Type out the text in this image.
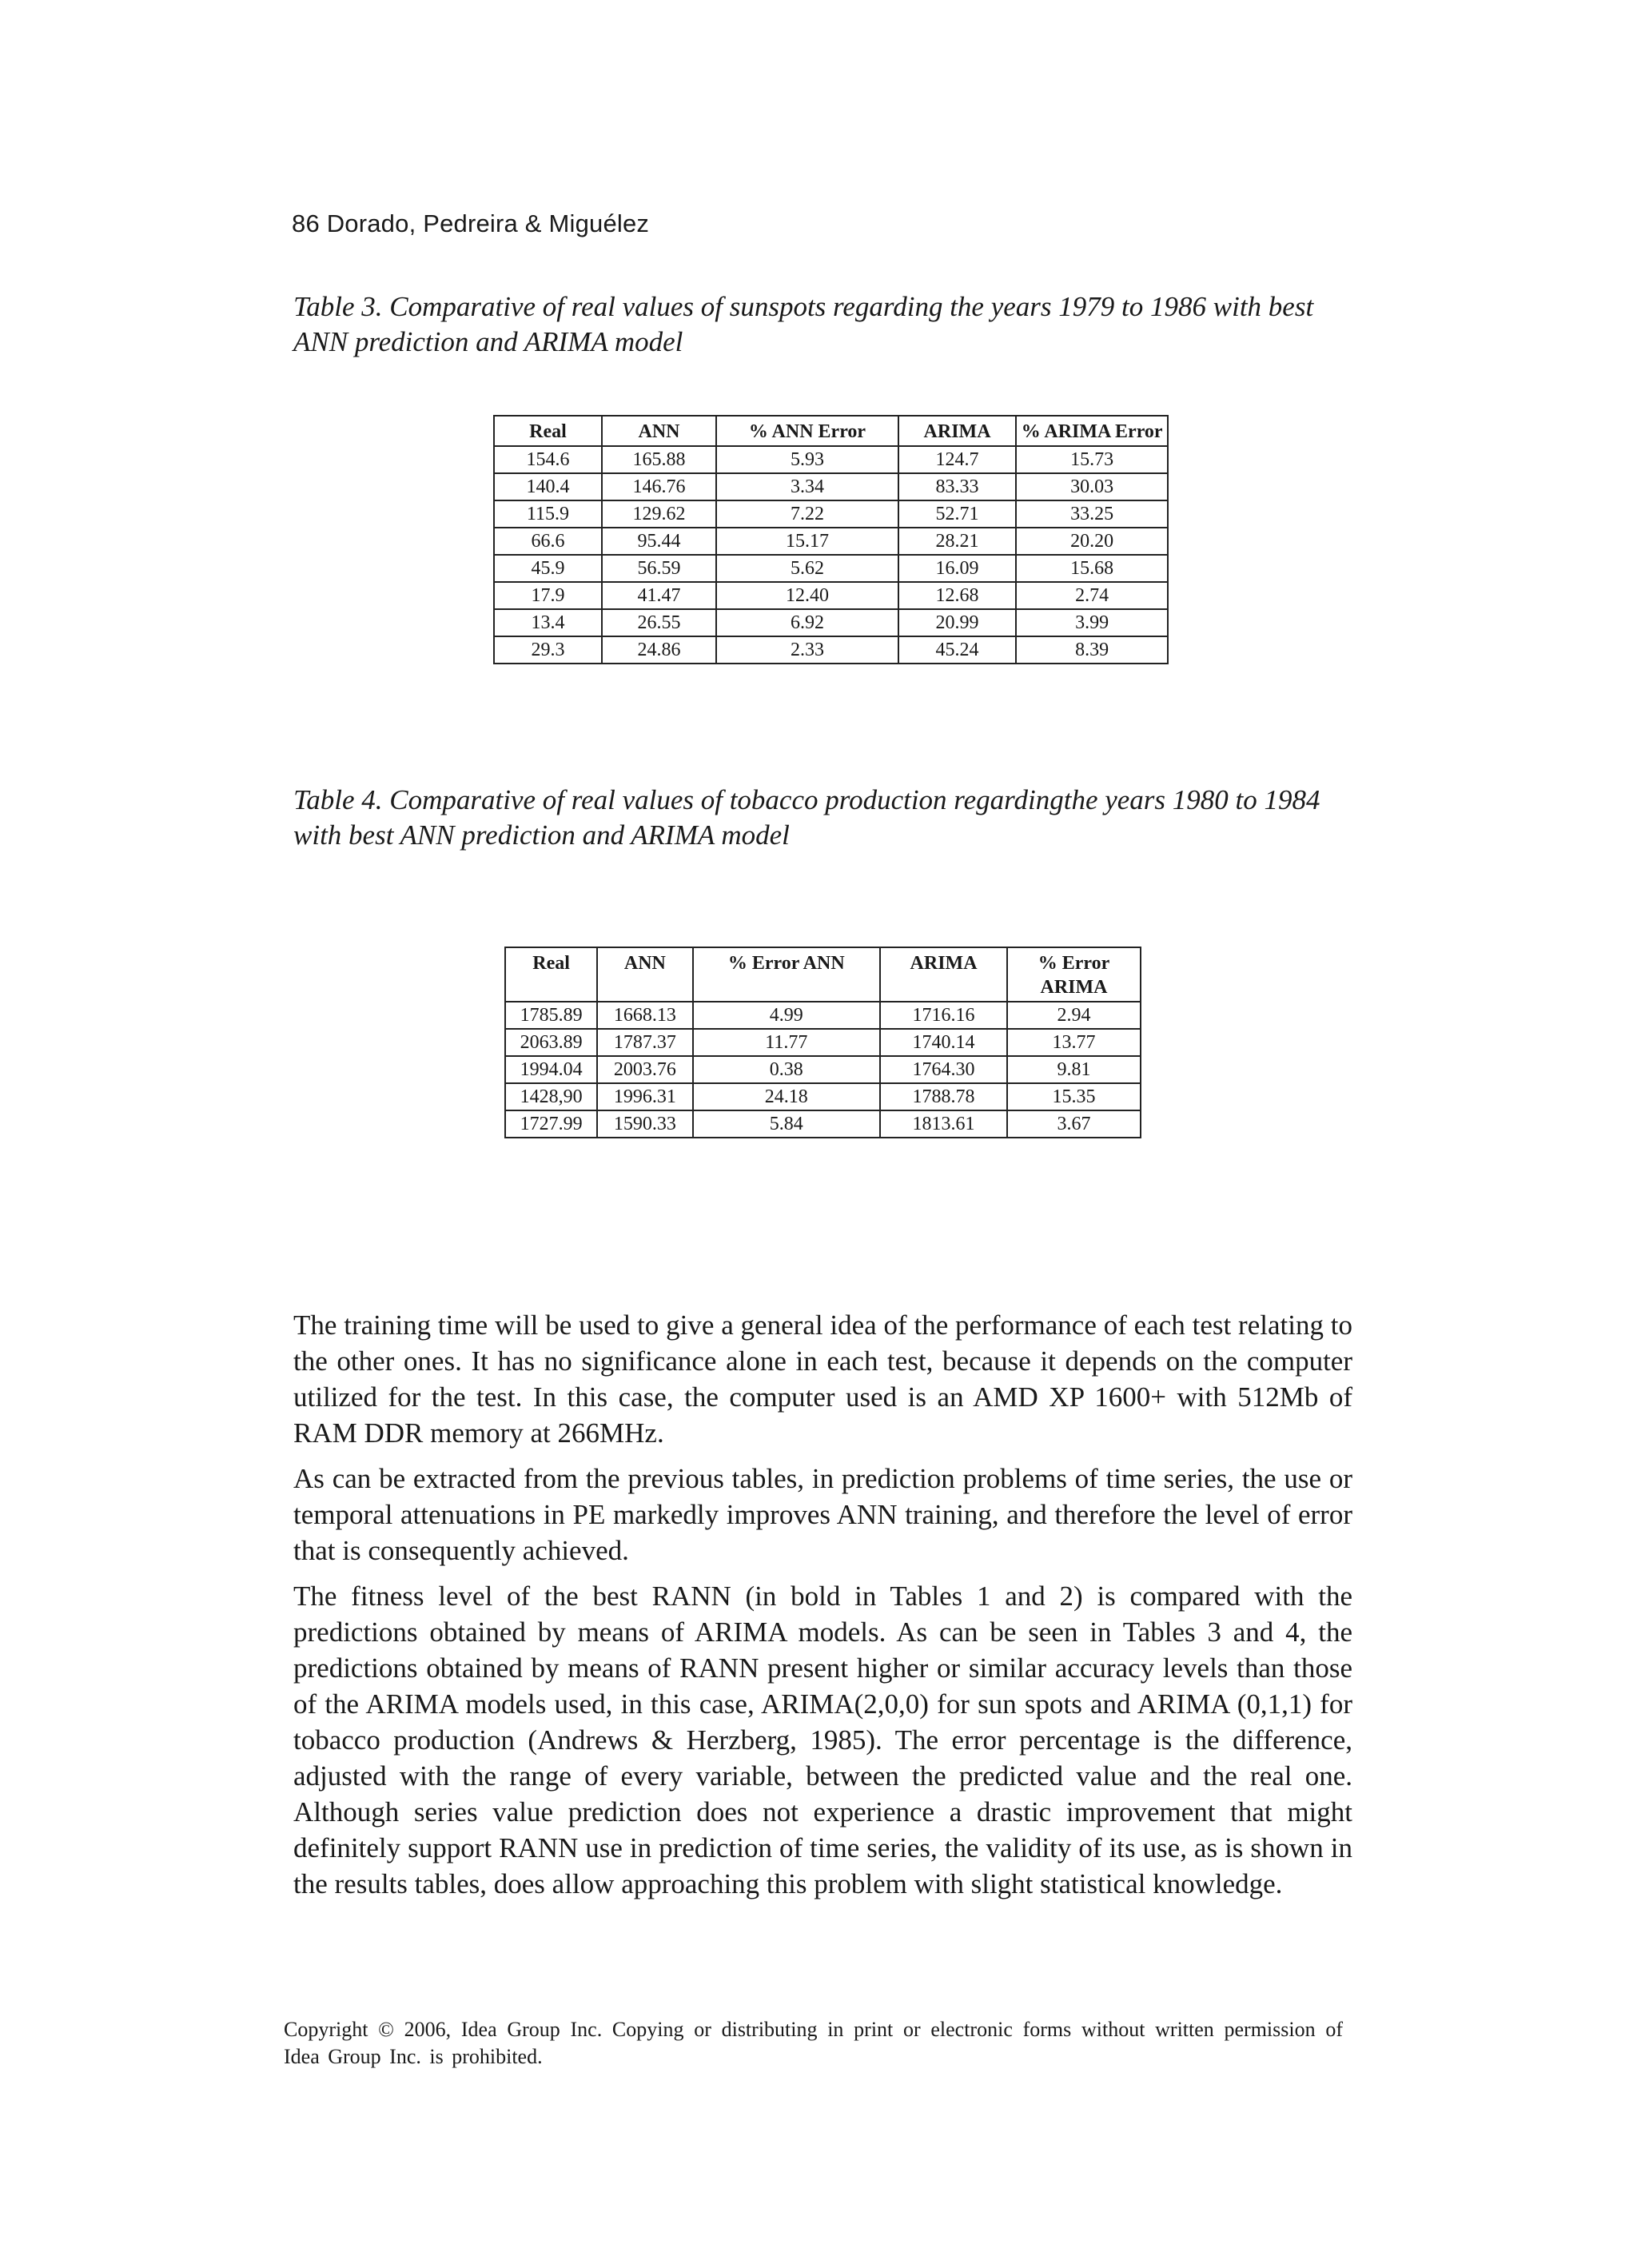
86 Dorado, Pedreira & Miguélez
Table 3. Comparative of real values of sunspots regarding the years 1979 to 1986 with best ANN prediction and ARIMA model
Real	ANN	% ANN Error	ARIMA	% ARIMA Error
154.6	165.88	5.93	124.7	15.73
140.4	146.76	3.34	83.33	30.03
115.9	129.62	7.22	52.71	33.25
66.6	95.44	15.17	28.21	20.20
45.9	56.59	5.62	16.09	15.68
17.9	41.47	12.40	12.68	2.74
13.4	26.55	6.92	20.99	3.99
29.3	24.86	2.33	45.24	8.39
Table 4. Comparative of real values of tobacco production regardingthe years 1980 to 1984 with best ANN prediction and ARIMA model
Real	ANN	% Error ANN	ARIMA	% Error ARIMA
1785.89	1668.13	4.99	1716.16	2.94
2063.89	1787.37	11.77	1740.14	13.77
1994.04	2003.76	0.38	1764.30	9.81
1428,90	1996.31	24.18	1788.78	15.35
1727.99	1590.33	5.84	1813.61	3.67

The training time will be used to give a general idea of the performance of each test relating to the other ones. It has no significance alone in each test, because it depends on the computer utilized for the test. In this case, the computer used is an AMD XP 1600+ with 512Mb of RAM DDR memory at 266MHz.

As can be extracted from the previous tables, in prediction problems of time series, the use or temporal attenuations in PE markedly improves ANN training, and therefore the level of error that is consequently achieved.

The fitness level of the best RANN (in bold in Tables 1 and 2) is compared with the predictions obtained by means of ARIMA models. As can be seen in Tables 3 and 4, the predictions obtained by means of RANN present higher or similar accuracy levels than those of the ARIMA models used, in this case, ARIMA(2,0,0) for sun spots and ARIMA (0,1,1) for tobacco production (Andrews & Herzberg, 1985). The error percentage is the difference, adjusted with the range of every variable, between the predicted value and the real one. Although series value prediction does not experience a drastic improvement that might definitely support RANN use in prediction of time series, the validity of its use, as is shown in the results tables, does allow approaching this problem with slight statistical knowledge.

Copyright © 2006, Idea Group Inc. Copying or distributing in print or electronic forms without written permission of Idea Group Inc. is prohibited.
